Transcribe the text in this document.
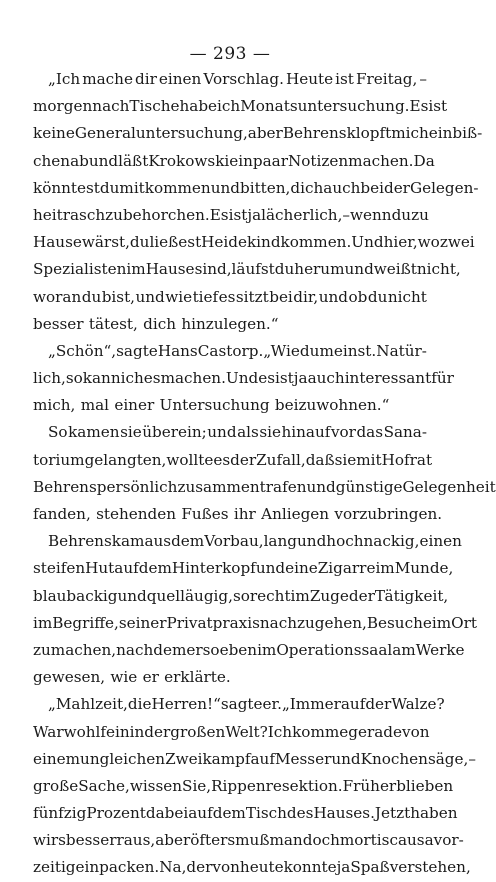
— 293 —
„Ich mache dir einen Vorschlag. Heute ist Freitag, –
morgen nach Tische habe ich Monatsuntersuchung. Es ist
keine Generaluntersuchung, aber Behrens klopft mich ein biß-
chen ab und läßt Krokowski ein paar Notizen machen. Da
könntest du mitkommen und bitten, dich auch bei der Gelegen-
heit rasch zu behorchen. Es ist ja lächerlich, – wenn du zu
Hause wärst, du ließest Heidekind kommen. Und hier, wo zwei
Spezialisten im Hause sind, läufst du herum und weißt nicht,
woran du bist, und wie tief es sitzt bei dir, und ob du nicht
besser tätest, dich hinzulegen.“
„Schön“, sagte Hans Castorp. „Wie du meinst. Natür-
lich, so kann ich es machen. Und es ist ja auch interessant für
mich, mal einer Untersuchung beizuwohnen.“
So kamen sie überein; und als sie hinauf vor das Sana-
torium gelangten, wollte es der Zufall, daß sie mit Hofrat
Behrens persönlich zusammentrafen und günstige Gelegenheit
fanden, stehenden Fußes ihr Anliegen vorzubringen.
Behrens kam aus dem Vorbau, lang und hochnackig, einen
steifen Hut auf dem Hinterkopf und eine Zigarre im Munde,
blaubackig und quelläugig, so recht im Zuge der Tätigkeit,
im Begriffe, seiner Privatpraxis nachzugehen, Besuche im Ort
zu machen, nachdem er soeben im Operationssaal am Werke
gewesen, wie er erklärte.
„Mahlzeit, die Herren!“ sagte er. „Immer auf der Walze?
War wohl fein in der großen Welt? Ich komme gerade von
einem ungleichen Zweikampf auf Messer und Knochensäge, –
große Sache, wissen Sie, Rippenresektion. Früher blieben
fünfzig Prozent dabei auf dem Tisch des Hauses. Jetzt haben
wirs besser raus, aber öfters muß man doch mortis causa vor-
zeitig einpacken. Na, der von heute konnte ja Spaß verstehen,
